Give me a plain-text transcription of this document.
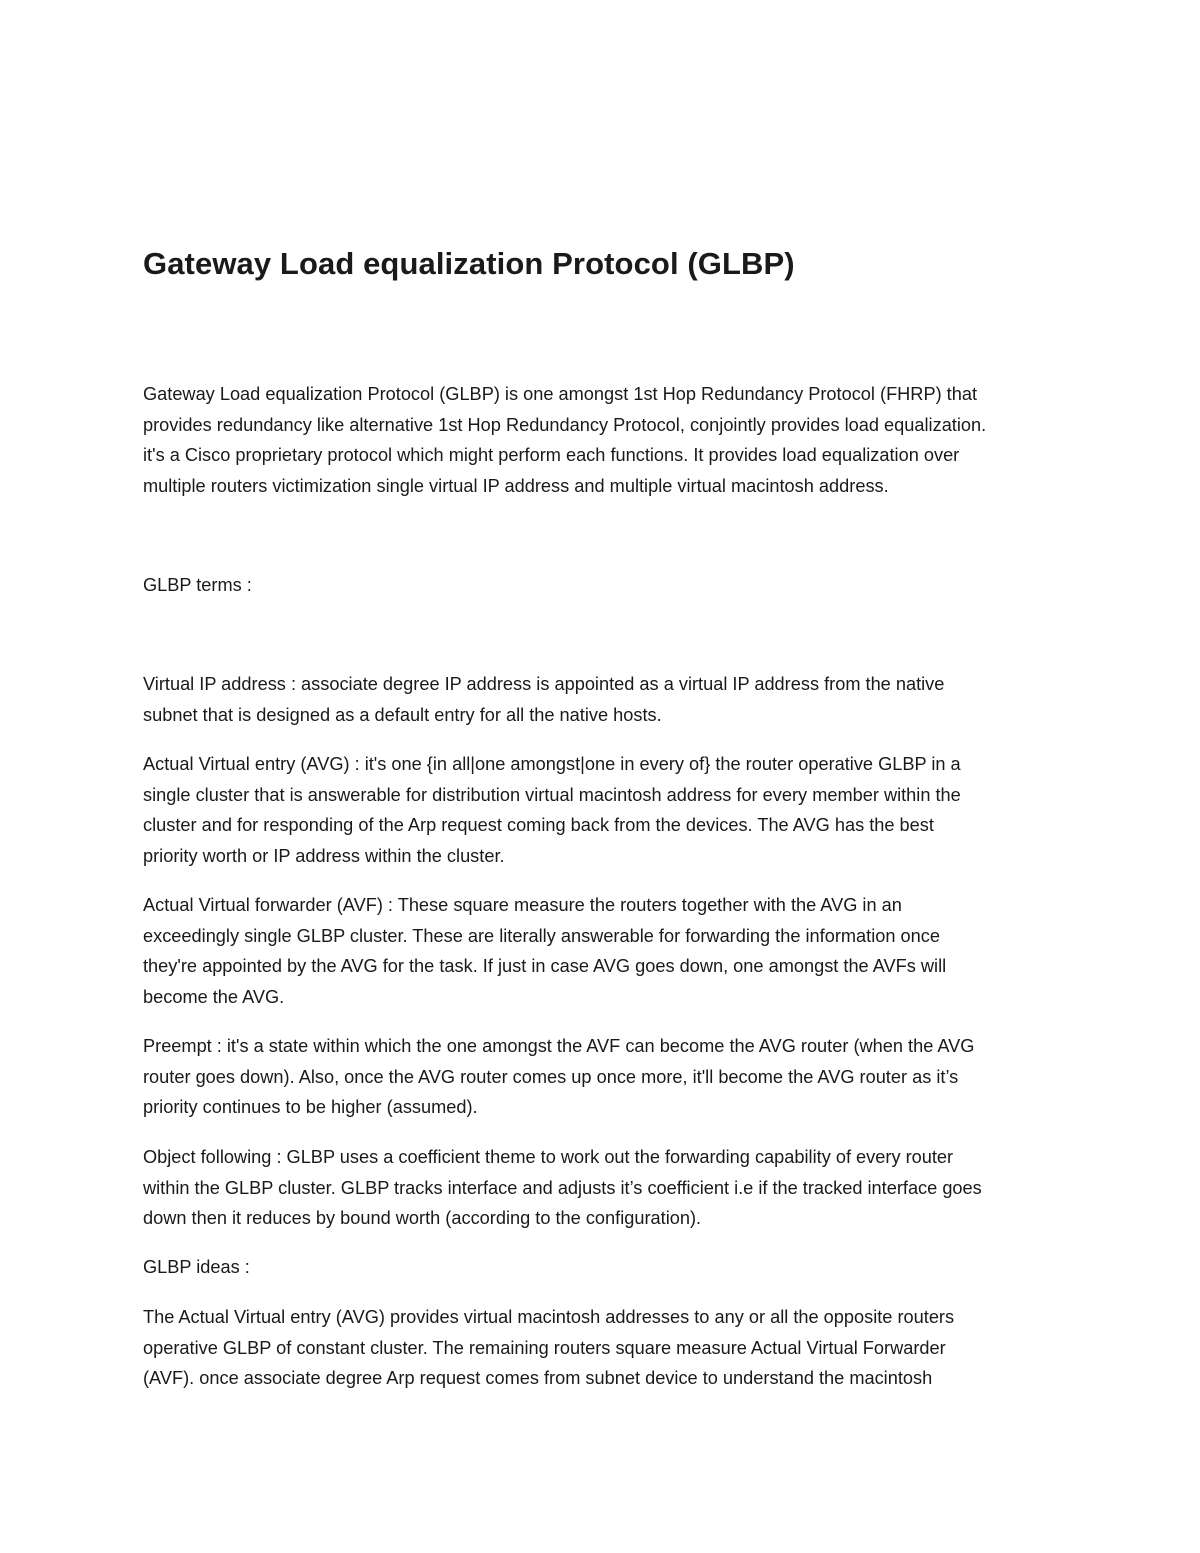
Gateway Load equalization Protocol (GLBP)

Gateway Load equalization Protocol (GLBP) is one amongst 1st Hop Redundancy Protocol (FHRP) that
provides redundancy like alternative 1st Hop Redundancy Protocol, conjointly provides load equalization.
it's a Cisco proprietary protocol which might perform each functions. It provides load equalization over
multiple routers victimization single virtual IP address and multiple virtual macintosh address.

GLBP terms :

Virtual IP address : associate degree IP address is appointed as a virtual IP address from the native
subnet that is designed as a default entry for all the native hosts.

Actual Virtual entry (AVG) : it's one {in all|one amongst|one in every of} the router operative GLBP in a
single cluster that is answerable for distribution virtual macintosh address for every member within the
cluster and for responding of the Arp request coming back from the devices. The AVG has the best
priority worth or IP address within the cluster.

Actual Virtual forwarder (AVF) : These square measure the routers together with the AVG in an
exceedingly single GLBP cluster. These are literally answerable for forwarding the information once
they're appointed by the AVG for the task. If just in case AVG goes down, one amongst the AVFs will
become the AVG.

Preempt : it's a state within which the one amongst the AVF can become the AVG router (when the AVG
router goes down). Also, once the AVG router comes up once more, it'll become the AVG router as it’s
priority continues to be higher (assumed).

Object following : GLBP uses a coefficient theme to work out the forwarding capability of every router
within the GLBP cluster. GLBP tracks interface and adjusts it’s coefficient i.e if the tracked interface goes
down then it reduces by bound worth (according to the configuration).

GLBP ideas :

The Actual Virtual entry (AVG) provides virtual macintosh addresses to any or all the opposite routers
operative GLBP of constant cluster. The remaining routers square measure Actual Virtual Forwarder
(AVF). once associate degree Arp request comes from subnet device to understand the macintosh
